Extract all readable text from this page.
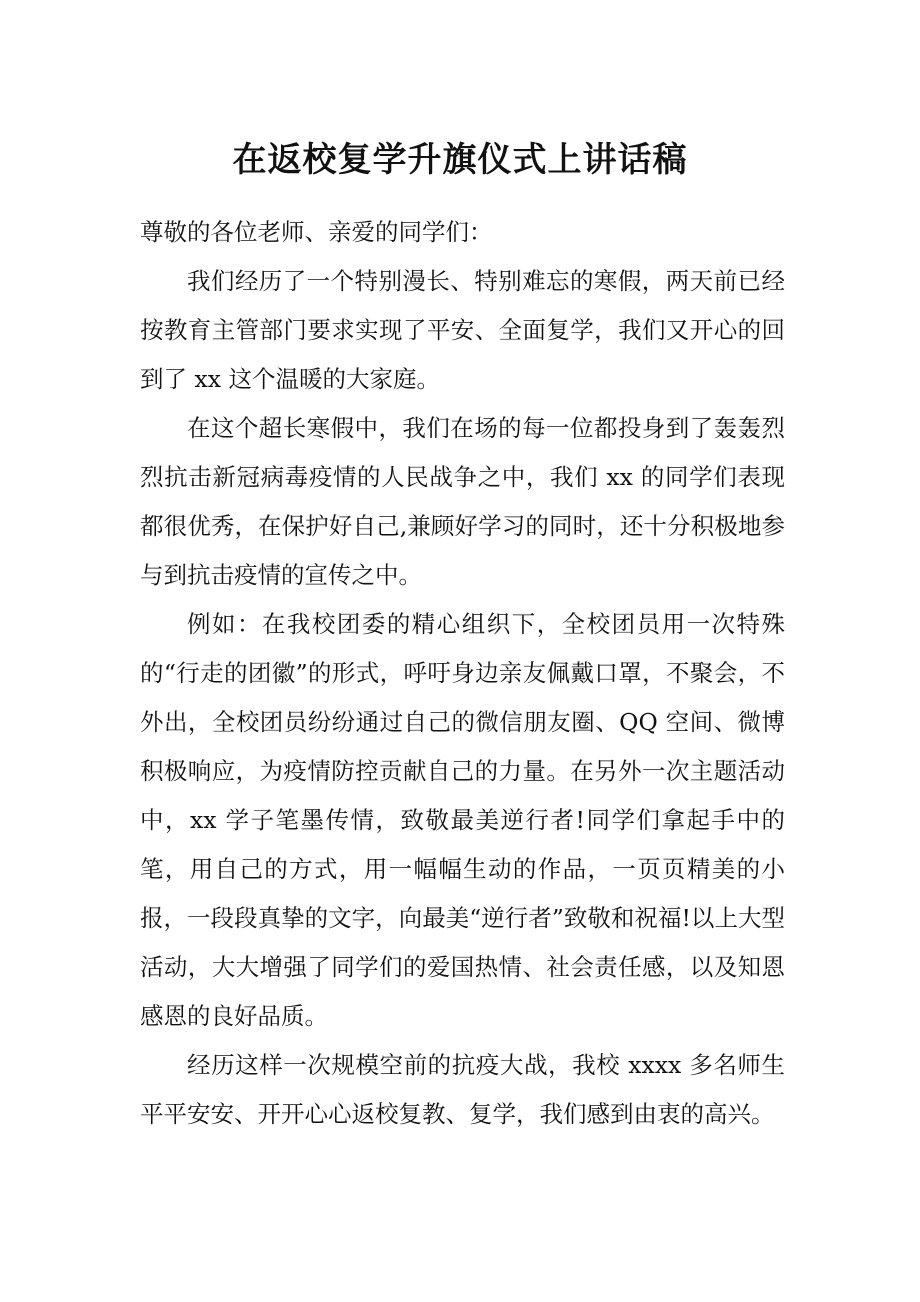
在返校复学升旗仪式上讲话稿

尊敬的各位老师、亲爱的同学们：

我们经历了一个特别漫长、特别难忘的寒假，两天前已经按教育主管部门要求实现了平安、全面复学，我们又开心的回到了 xx 这个温暖的大家庭。

在这个超长寒假中，我们在场的每一位都投身到了轰轰烈烈抗击新冠病毒疫情的人民战争之中，我们 xx 的同学们表现都很优秀，在保护好自己,兼顾好学习的同时，还十分积极地参与到抗击疫情的宣传之中。

例如：在我校团委的精心组织下，全校团员用一次特殊的“行走的团徽”的形式，呼吁身边亲友佩戴口罩，不聚会，不外出，全校团员纷纷通过自己的微信朋友圈、QQ 空间、微博积极响应，为疫情防控贡献自己的力量。在另外一次主题活动中，xx 学子笔墨传情，致敬最美逆行者!同学们拿起手中的笔，用自己的方式，用一幅幅生动的作品，一页页精美的小报，一段段真挚的文字，向最美“逆行者”致敬和祝福!以上大型活动，大大增强了同学们的爱国热情、社会责任感，以及知恩感恩的良好品质。

经历这样一次规模空前的抗疫大战，我校 xxxx 多名师生平平安安、开开心心返校复教、复学，我们感到由衷的高兴。
